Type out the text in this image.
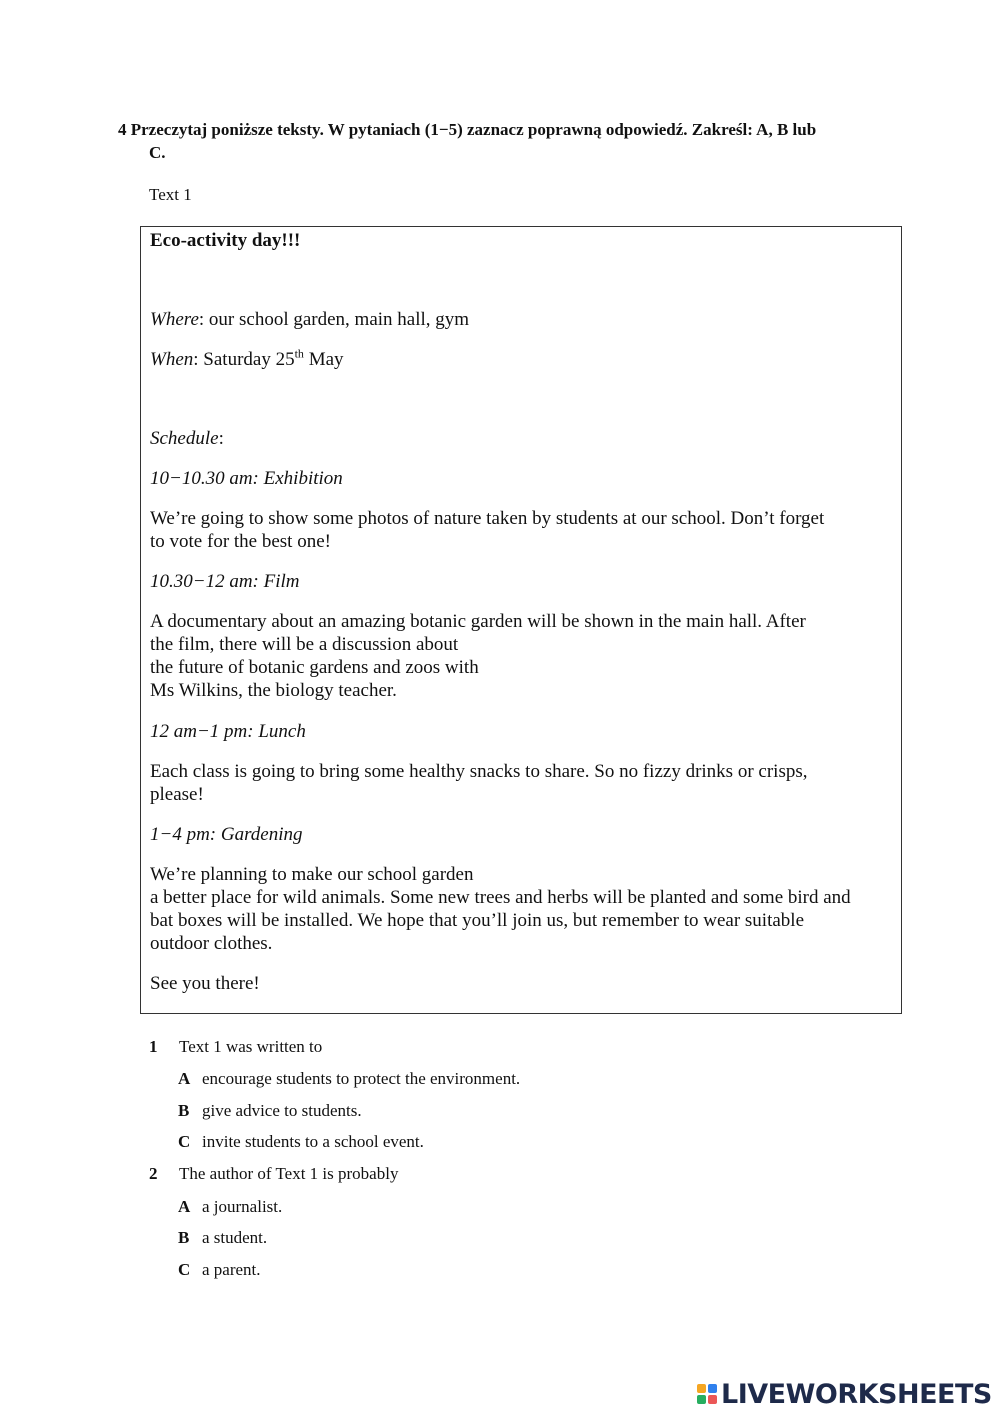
4 Przeczytaj poniższe teksty. W pytaniach (1−5) zaznacz poprawną odpowiedź. Zakreśl: A, B lub
C.
Text 1

Eco-activity day!!!

Where: our school garden, main hall, gym

When: Saturday 25th May

Schedule:

10−10.30 am: Exhibition

We’re going to show some photos of nature taken by students at our school. Don’t forget
to vote for the best one!

10.30−12 am: Film

A documentary about an amazing botanic garden will be shown in the main hall. After
the film, there will be a discussion about
the future of botanic gardens and zoos with
Ms Wilkins, the biology teacher.

12 am−1 pm: Lunch

Each class is going to bring some healthy snacks to share. So no fizzy drinks or crisps,
please!

1−4 pm: Gardening

We’re planning to make our school garden
a better place for wild animals. Some new trees and herbs will be planted and some bird and
bat boxes will be installed. We hope that you’ll join us, but remember to wear suitable
outdoor clothes.

See you there!

1 Text 1 was written to
A encourage students to protect the environment.
B give advice to students.
C invite students to a school event.
2 The author of Text 1 is probably
A a journalist.
B a student.
C a parent.
LIVEWORKSHEETS
